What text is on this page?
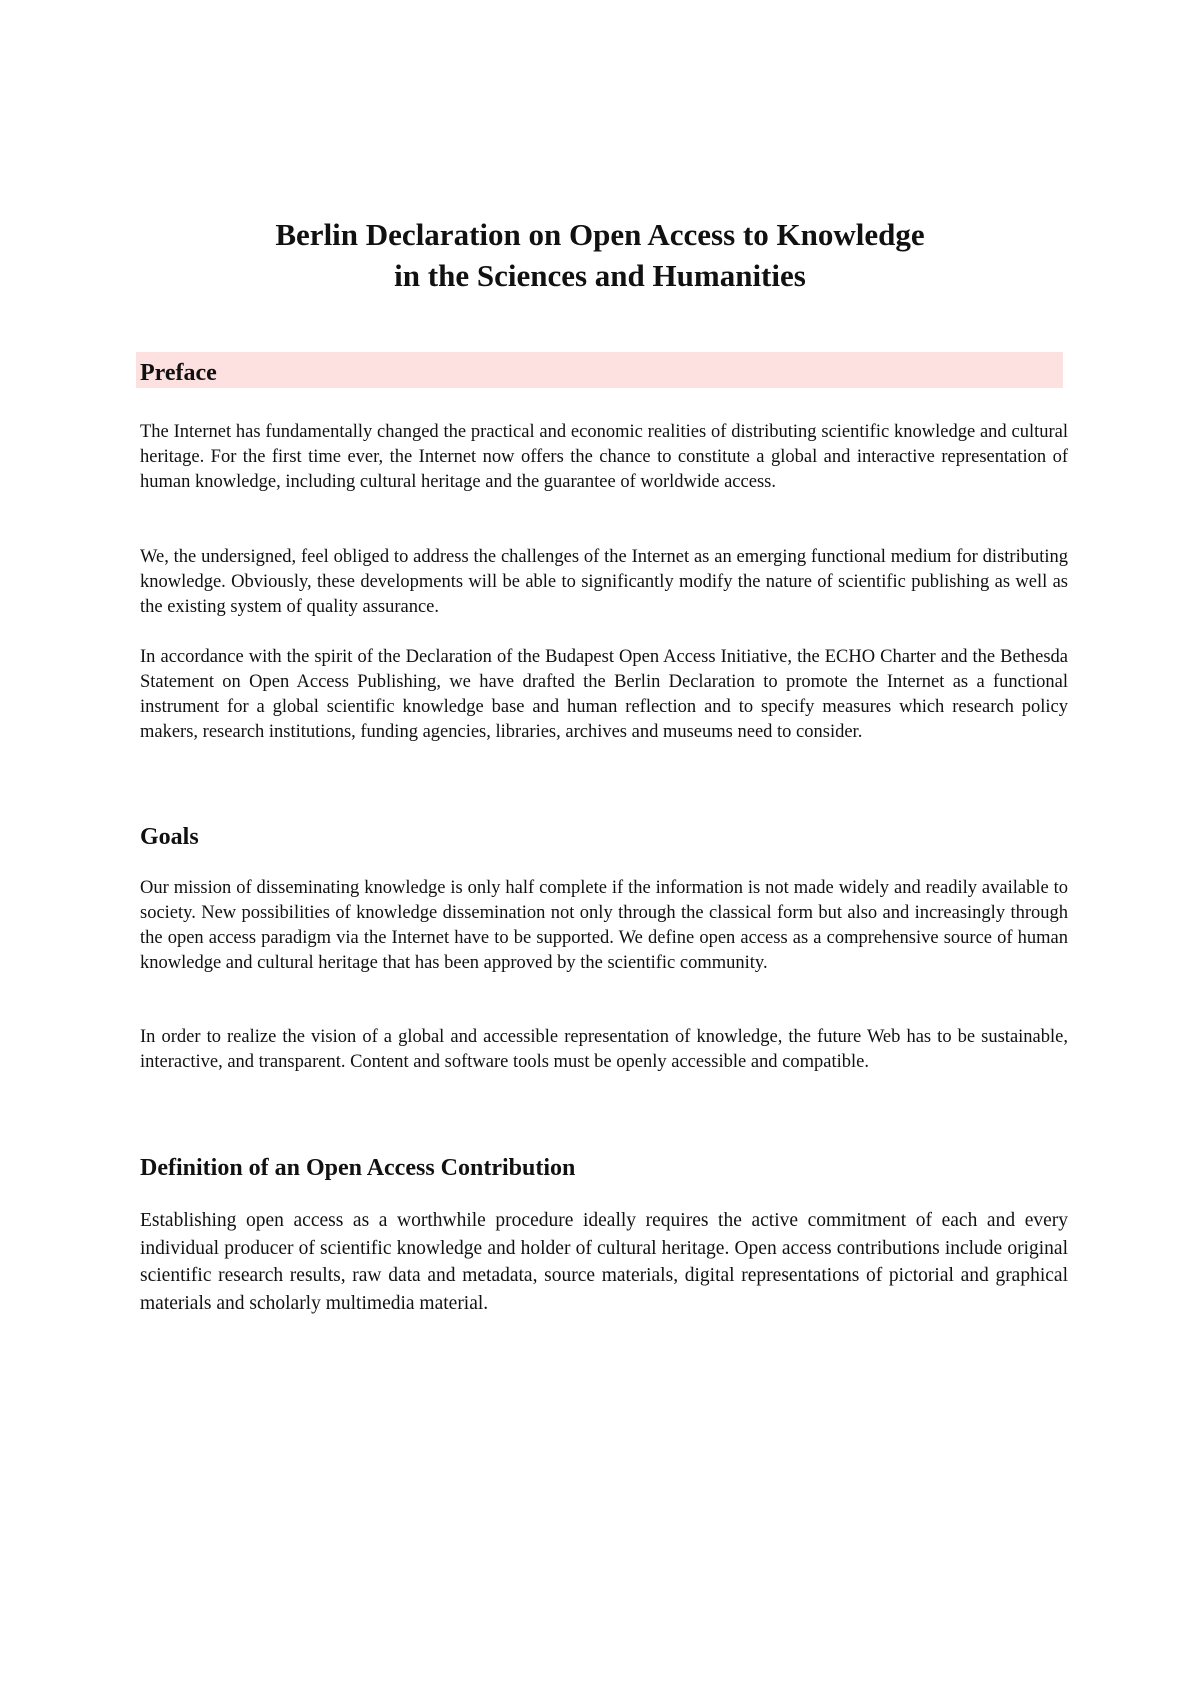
Berlin Declaration on Open Access to Knowledge
in the Sciences and Humanities
Preface

The Internet has fundamentally changed the practical and economic realities of distributing scientific knowledge and cultural heritage. For the first time ever, the Internet now offers the chance to constitute a global and interactive representation of human knowledge, including cultural heritage and the guarantee of worldwide access.

We, the undersigned, feel obliged to address the challenges of the Internet as an emerging functional medium for distributing knowledge. Obviously, these developments will be able to significantly modify the nature of scientific publishing as well as the existing system of quality assurance.

In accordance with the spirit of the Declaration of the Budapest Open Access Initiative, the ECHO Charter and the Bethesda Statement on Open Access Publishing, we have drafted the Berlin Declaration to promote the Internet as a functional instrument for a global scientific knowledge base and human reflection and to specify measures which research policy makers, research institutions, funding agencies, libraries, archives and museums need to consider.

Goals

Our mission of disseminating knowledge is only half complete if the information is not made widely and readily available to society. New possibilities of knowledge dissemination not only through the classical form but also and increasingly through the open access paradigm via the Internet have to be supported. We define open access as a comprehensive source of human knowledge and cultural heritage that has been approved by the scientific community.

In order to realize the vision of a global and accessible representation of knowledge, the future Web has to be sustainable, interactive, and transparent. Content and software tools must be openly accessible and compatible.

Definition of an Open Access Contribution

Establishing open access as a worthwhile procedure ideally requires the active commitment of each and every individual producer of scientific knowledge and holder of cultural heritage. Open access contributions include original scientific research results, raw data and metadata, source materials, digital representations of pictorial and graphical materials and scholarly multimedia material.
